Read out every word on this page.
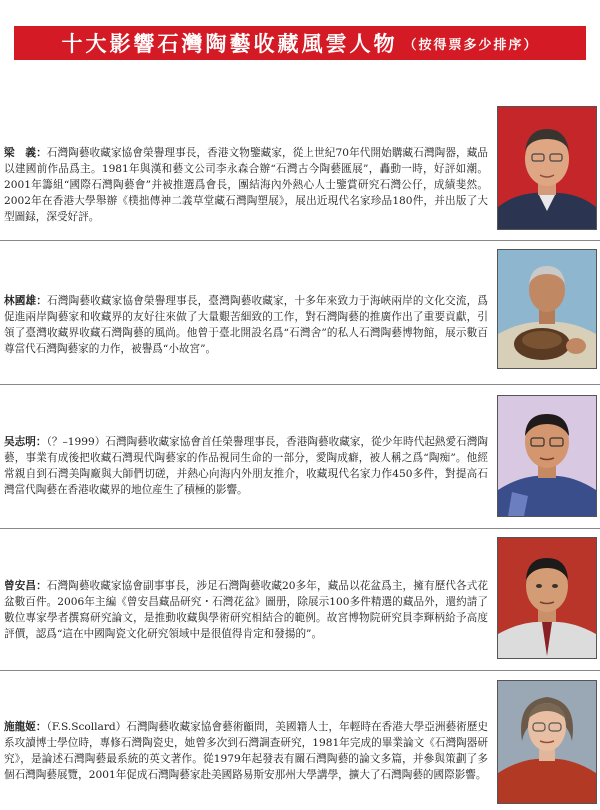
十大影響石灣陶藝收藏風雲人物 （按得票多少排序）
梁　義：石灣陶藝收藏家協會榮譽理事長，香港文物鑒藏家，從上世紀70年代開始購藏石灣陶器，藏品以建國前作品爲主。1981年與漢和藝文公司李永森合辦“石灣古今陶藝匯展”，轟動一時，好評如潮。2001年籌組“國際石灣陶藝會”并被推選爲會長，團結海內外熱心人士鑒賞研究石灣公仔，成績斐然。2002年在香港大學舉辦《樸拙傳神二義草堂藏石灣陶塑展》，展出近現代名家珍品180件，并出版了大型圖録，深受好評。
林國雄：石灣陶藝收藏家協會榮譽理事長，臺灣陶藝收藏家，十多年來致力于海峽兩岸的文化交流，爲促進兩岸陶藝家和收藏界的友好往來做了大量艱苦細致的工作，對石灣陶藝的推廣作出了重要貢獻，引領了臺灣收藏界收藏石灣陶藝的風尚。他曾于臺北開設名爲“石灣舍”的私人石灣陶藝博物館，展示數百尊當代石灣陶藝家的力作，被譽爲“小故宮”。
吴志明：（？–1999）石灣陶藝收藏家協會首任榮譽理事長，香港陶藝收藏家，從少年時代起熱愛石灣陶藝，事業有成後把收藏石灣現代陶藝家的作品視同生命的一部分，愛陶成癖，被人稱之爲“陶痴”。他經常親自到石灣美陶廠與大師們切磋，并熱心向海内外朋友推介，收藏現代名家力作450多件，對提高石灣當代陶藝在香港收藏界的地位産生了積極的影響。
曾安昌：石灣陶藝收藏家協會副事事長，涉足石灣陶藝收藏20多年，藏品以花盆爲主，擁有歷代各式花盆數百件。2006年主編《曾安昌藏品研究・石灣花盆》圖册，除展示100多件精選的藏品外，還約請了數位專家學者撰寫研究論文，是推動收藏與學術研究相結合的範例。故宮博物院研究員李輝柄給予高度評價，認爲“這在中國陶瓷文化研究領域中是很值得肯定和發揚的”。
施龍姬：（F.S.Scollard）石灣陶藝收藏家協會藝術顧問，美國籍人士，年輕時在香港大學亞洲藝術歷史系攻讀博士學位時，專修石灣陶瓷史，她曾多次到石灣調查研究，1981年完成的畢業論文《石灣陶器研究》，是論述石灣陶藝最系統的英文著作。從1979年起發表有關石灣陶藝的論文多篇，并參與策劃了多個石灣陶藝展覽，2001年促成石灣陶藝家赴美國路易斯安那州大學講學，擴大了石灣陶藝的國際影響。
